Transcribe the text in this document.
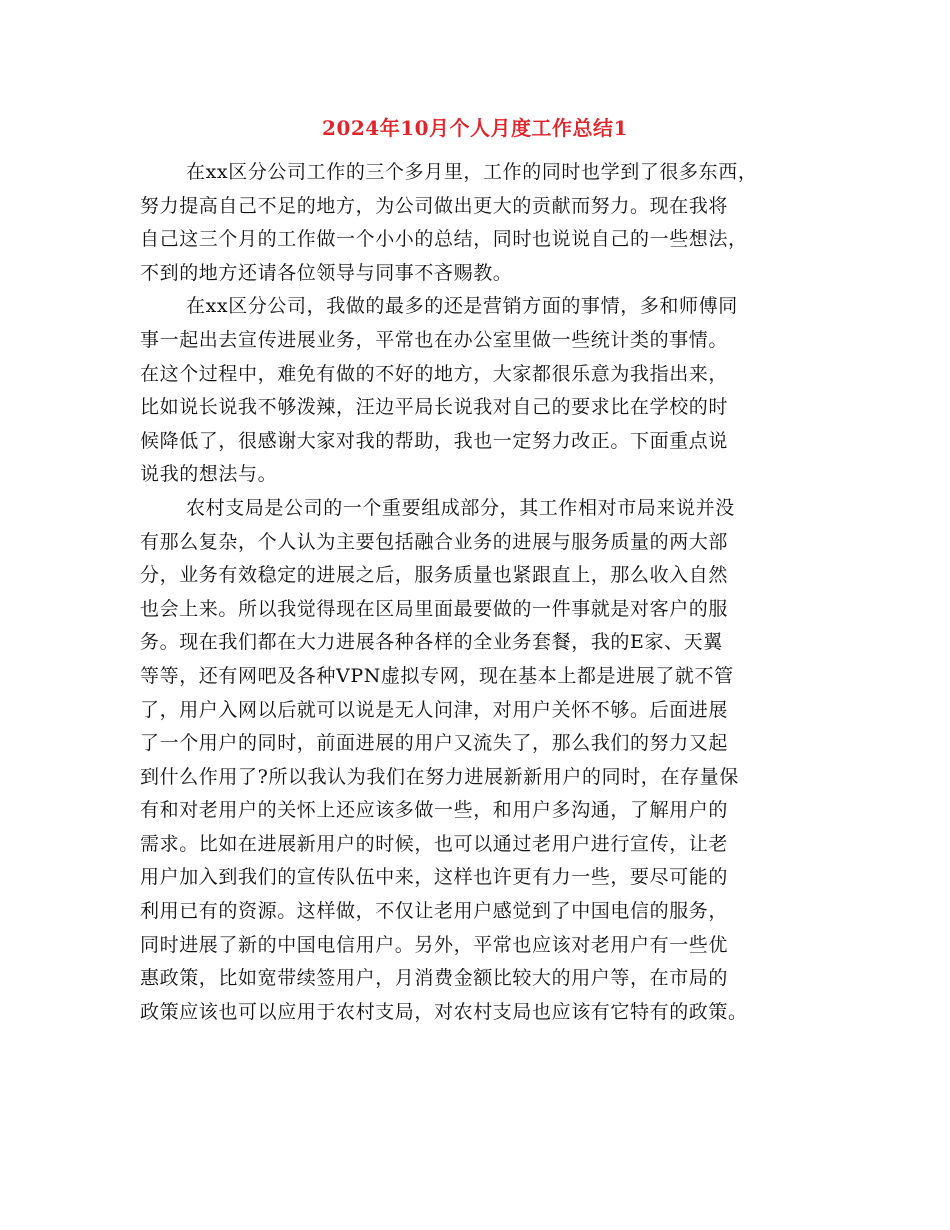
2024年10月个人月度工作总结1
在xx区分公司工作的三个多月里，工作的同时也学到了很多东西，
努力提高自己不足的地方，为公司做出更大的贡献而努力。现在我将
自己这三个月的工作做一个小小的总结，同时也说说自己的一些想法，
不到的地方还请各位领导与同事不吝赐教。
在xx区分公司，我做的最多的还是营销方面的事情，多和师傅同
事一起出去宣传进展业务，平常也在办公室里做一些统计类的事情。
在这个过程中，难免有做的不好的地方，大家都很乐意为我指出来，
比如说长说我不够泼辣，汪边平局长说我对自己的要求比在学校的时
候降低了，很感谢大家对我的帮助，我也一定努力改正。下面重点说
说我的想法与。
农村支局是公司的一个重要组成部分，其工作相对市局来说并没
有那么复杂，个人认为主要包括融合业务的进展与服务质量的两大部
分，业务有效稳定的进展之后，服务质量也紧跟直上，那么收入自然
也会上来。所以我觉得现在区局里面最要做的一件事就是对客户的服
务。现在我们都在大力进展各种各样的全业务套餐，我的E家、天翼
等等，还有网吧及各种VPN虚拟专网，现在基本上都是进展了就不管
了，用户入网以后就可以说是无人问津，对用户关怀不够。后面进展
了一个用户的同时，前面进展的用户又流失了，那么我们的努力又起
到什么作用了?所以我认为我们在努力进展新新用户的同时，在存量保
有和对老用户的关怀上还应该多做一些，和用户多沟通，了解用户的
需求。比如在进展新用户的时候，也可以通过老用户进行宣传，让老
用户加入到我们的宣传队伍中来，这样也许更有力一些，要尽可能的
利用已有的资源。这样做，不仅让老用户感觉到了中国电信的服务，
同时进展了新的中国电信用户。另外，平常也应该对老用户有一些优
惠政策，比如宽带续签用户，月消费金额比较大的用户等，在市局的
政策应该也可以应用于农村支局，对农村支局也应该有它特有的政策。
